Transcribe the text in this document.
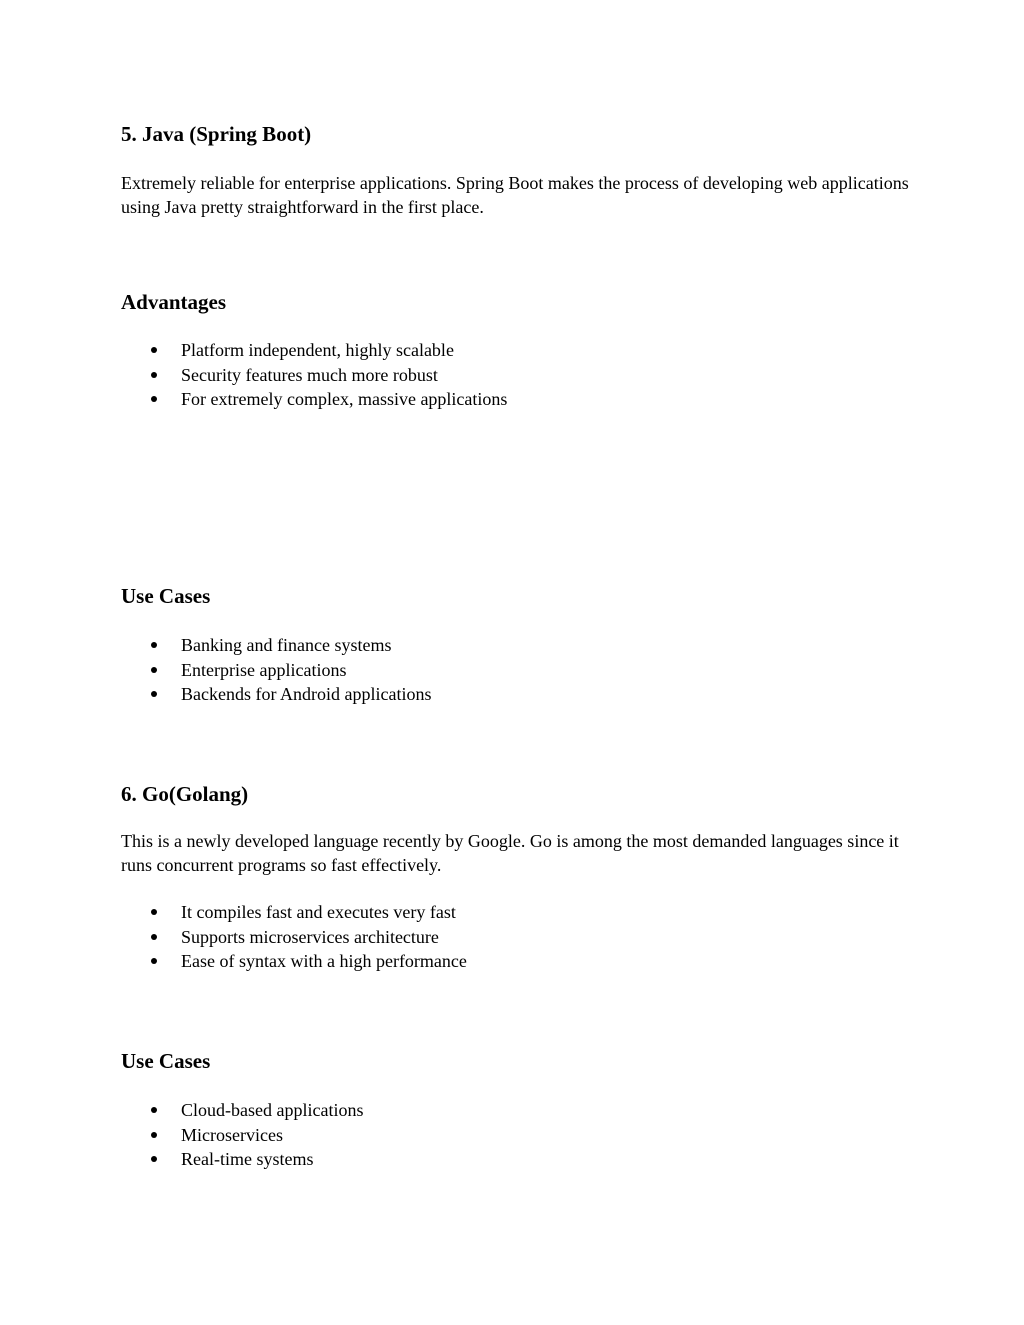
5. Java (Spring Boot)

Extremely reliable for enterprise applications. Spring Boot makes the process of developing web applications using Java pretty straightforward in the first place.

Advantages
Platform independent, highly scalable
Security features much more robust
For extremely complex, massive applications
Use Cases
Banking and finance systems
Enterprise applications
Backends for Android applications
6. Go(Golang)

This is a newly developed language recently by Google. Go is among the most demanded languages since it runs concurrent programs so fast effectively.

It compiles fast and executes very fast
Supports microservices architecture
Ease of syntax with a high performance
Use Cases
Cloud-based applications
Microservices
Real-time systems
